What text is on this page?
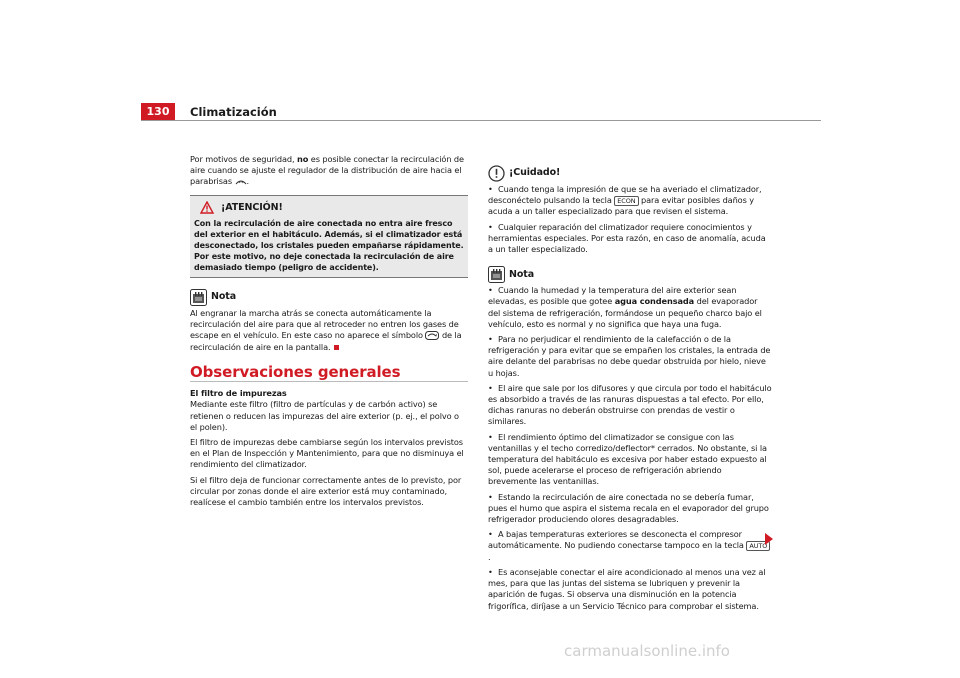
130	Climatización

Por motivos de seguridad, no es posible conectar la recirculación de aire cuando se ajuste el regulador de la distribución de aire hacia el parabrisas .

¡ATENCIÓN!
Con la recirculación de aire conectada no entra aire fresco del exterior en el habitáculo. Además, si el climatizador está desconectado, los cristales pueden empañarse rápidamente. Por este motivo, no deje conectada la recirculación de aire demasiado tiempo (peligro de accidente).
Nota

Al engranar la marcha atrás se conecta automáticamente la recirculación del aire para que al retroceder no entren los gases de escape en el vehículo. En este caso no aparece el símbolo  de la recirculación de aire en la pantalla.

Observaciones generales

El filtro de impurezas

Mediante este filtro (filtro de partículas y de carbón activo) se retienen o reducen las impurezas del aire exterior (p. ej., el polvo o el polen).

El filtro de impurezas debe cambiarse según los intervalos previstos en el Plan de Inspección y Mantenimiento, para que no disminuya el rendimiento del climatizador.

Si el filtro deja de funcionar correctamente antes de lo previsto, por circular por zonas donde el aire exterior está muy contaminado, realícese el cambio también entre los intervalos previstos.

¡Cuidado!

• Cuando tenga la impresión de que se ha averiado el climatizador, desconéctelo pulsando la tecla ECON para evitar posibles daños y acuda a un taller especializado para que revisen el sistema.

• Cualquier reparación del climatizador requiere conocimientos y herramientas especiales. Por esta razón, en caso de anomalía, acuda a un taller especializado.

Nota

• Cuando la humedad y la temperatura del aire exterior sean elevadas, es posible que gotee agua condensada del evaporador del sistema de refrigeración, formándose un pequeño charco bajo el vehículo, esto es normal y no significa que haya una fuga.

• Para no perjudicar el rendimiento de la calefacción o de la refrigeración y para evitar que se empañen los cristales, la entrada de aire delante del parabrisas no debe quedar obstruida por hielo, nieve u hojas.

• El aire que sale por los difusores y que circula por todo el habitáculo es absorbido a través de las ranuras dispuestas a tal efecto. Por ello, dichas ranuras no deberán obstruirse con prendas de vestir o similares.

• El rendimiento óptimo del climatizador se consigue con las ventanillas y el techo corredizo/deflector* cerrados. No obstante, si la temperatura del habitáculo es excesiva por haber estado expuesto al sol, puede acelerarse el proceso de refrigeración abriendo brevemente las ventanillas.

• Estando la recirculación de aire conectada no se debería fumar, pues el humo que aspira el sistema recala en el evaporador del grupo refrigerador produciendo olores desagradables.

• A bajas temperaturas exteriores se desconecta el compresor automáticamente. No pudiendo conectarse tampoco en la tecla AUTO.

• Es aconsejable conectar el aire acondicionado al menos una vez al mes, para que las juntas del sistema se lubriquen y prevenir la aparición de fugas. Si observa una disminución en la potencia frigorífica, diríjase a un Servicio Técnico para comprobar el sistema.

carmanualsonline.info
